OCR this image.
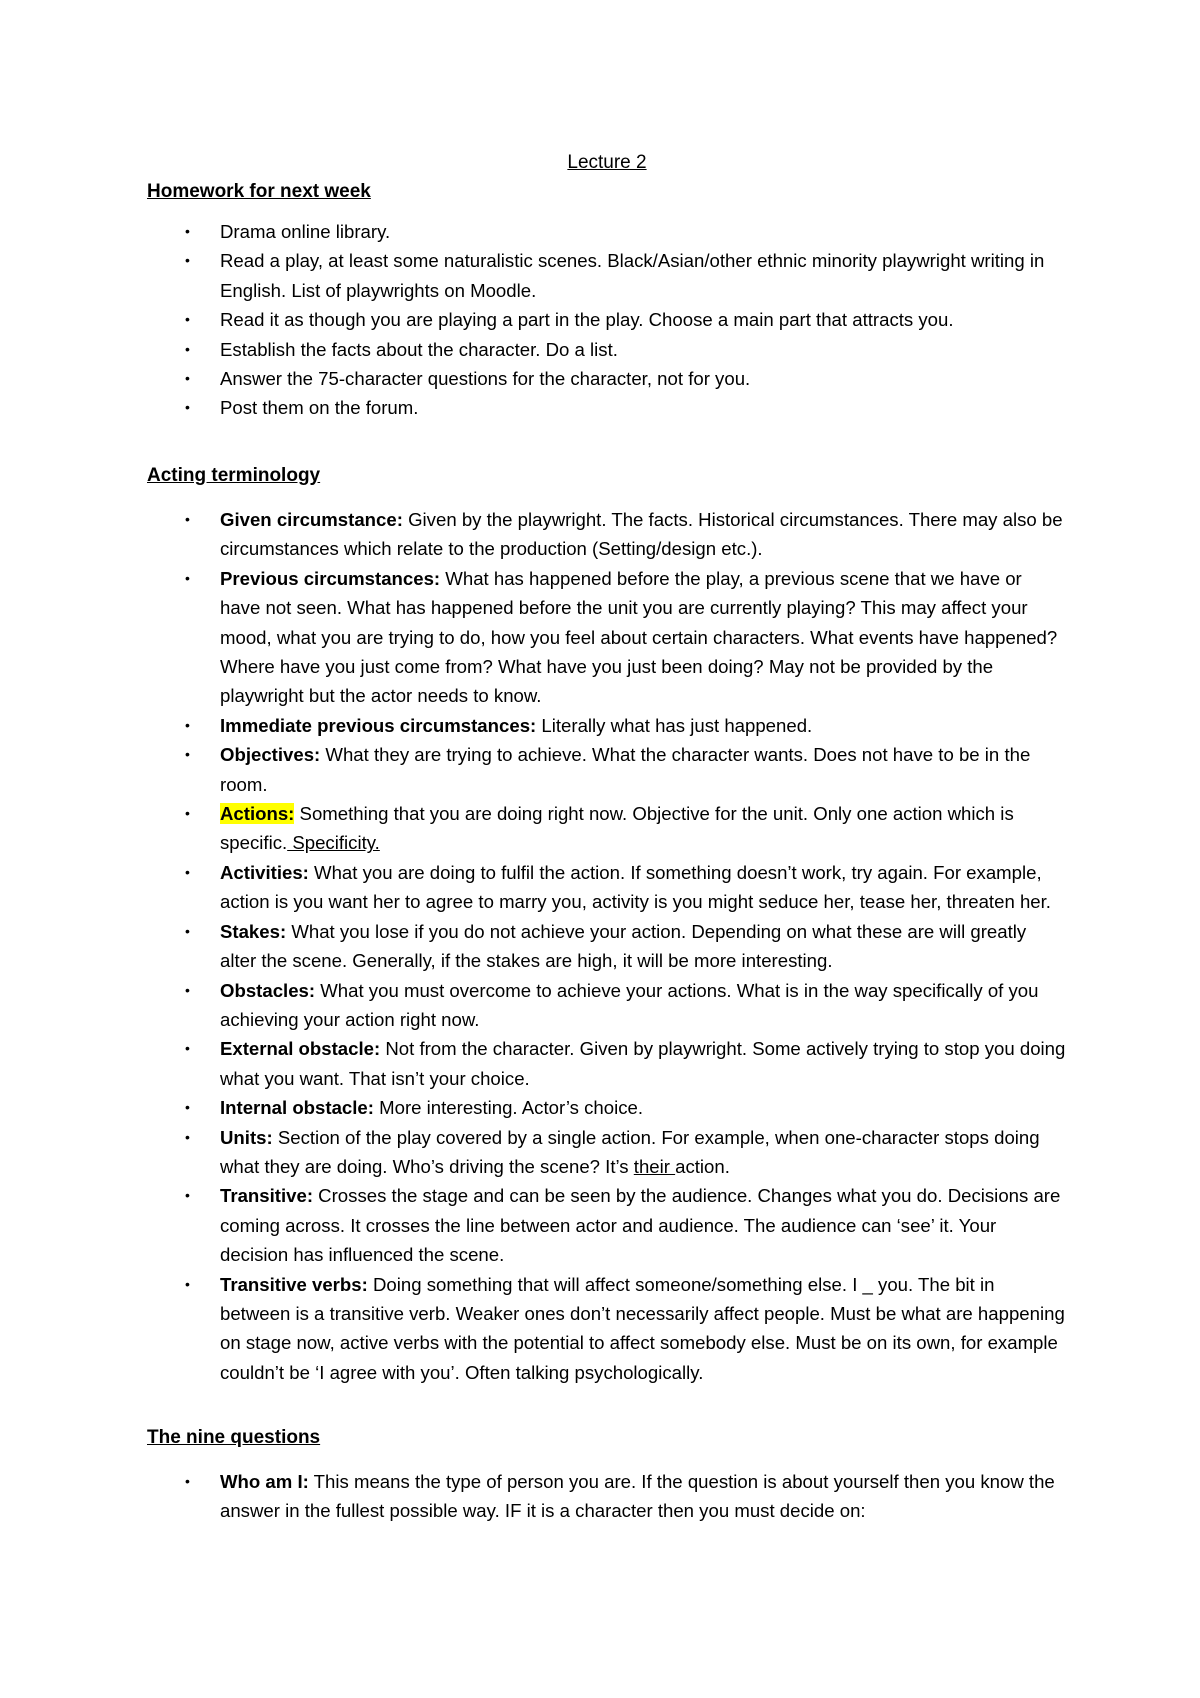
Lecture 2
Homework for next week
• Drama online library.
• Read a play, at least some naturalistic scenes. Black/Asian/other ethnic minority playwright writing in English. List of playwrights on Moodle.
• Read it as though you are playing a part in the play. Choose a main part that attracts you.
• Establish the facts about the character. Do a list.
• Answer the 75-character questions for the character, not for you.
• Post them on the forum.
Acting terminology
• Given circumstance: Given by the playwright. The facts. Historical circumstances. There may also be circumstances which relate to the production (Setting/design etc.).
• Previous circumstances: What has happened before the play, a previous scene that we have or have not seen. What has happened before the unit you are currently playing? This may affect your mood, what you are trying to do, how you feel about certain characters. What events have happened? Where have you just come from? What have you just been doing? May not be provided by the playwright but the actor needs to know.
• Immediate previous circumstances: Literally what has just happened.
• Objectives: What they are trying to achieve. What the character wants. Does not have to be in the room.
• Actions: Something that you are doing right now. Objective for the unit. Only one action which is specific. Specificity.
• Activities: What you are doing to fulfil the action. If something doesn’t work, try again. For example, action is you want her to agree to marry you, activity is you might seduce her, tease her, threaten her.
• Stakes: What you lose if you do not achieve your action. Depending on what these are will greatly alter the scene. Generally, if the stakes are high, it will be more interesting.
• Obstacles: What you must overcome to achieve your actions. What is in the way specifically of you achieving your action right now.
• External obstacle: Not from the character. Given by playwright. Some actively trying to stop you doing what you want. That isn’t your choice.
• Internal obstacle: More interesting. Actor’s choice.
• Units: Section of the play covered by a single action. For example, when one-character stops doing what they are doing. Who’s driving the scene? It’s their action.
• Transitive: Crosses the stage and can be seen by the audience. Changes what you do. Decisions are coming across. It crosses the line between actor and audience. The audience can ‘see’ it. Your decision has influenced the scene.
• Transitive verbs: Doing something that will affect someone/something else. I _ you. The bit in between is a transitive verb. Weaker ones don’t necessarily affect people. Must be what are happening on stage now, active verbs with the potential to affect somebody else. Must be on its own, for example couldn’t be ‘I agree with you’. Often talking psychologically.
The nine questions
• Who am I: This means the type of person you are. If the question is about yourself then you know the answer in the fullest possible way. IF it is a character then you must decide on:
